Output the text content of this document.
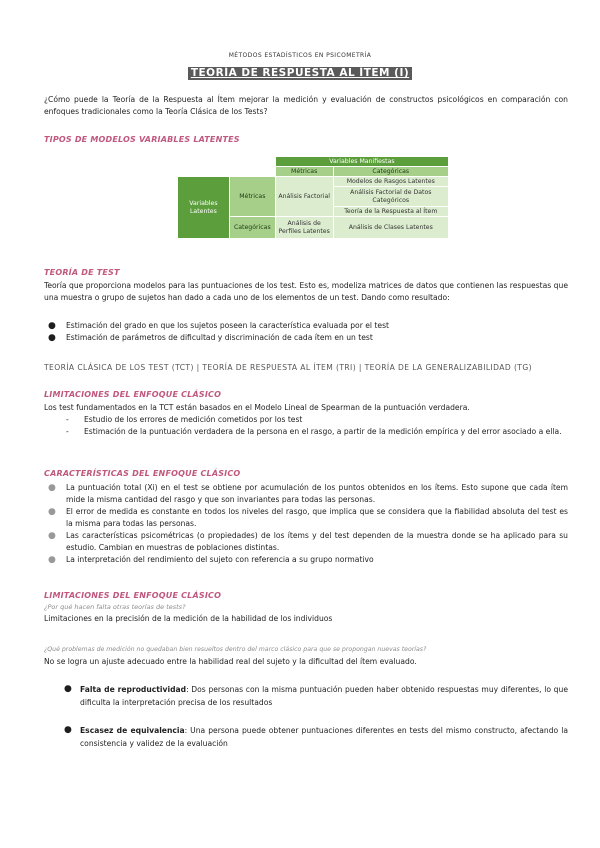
MÉTODOS ESTADÍSTICOS EN PSICOMETRÍA
TEORÍA DE RESPUESTA AL ÍTEM (I)
¿Cómo puede la Teoría de la Respuesta al Ítem mejorar la medición y evaluación de constructos psicológicos en comparación con enfoques tradicionales como la Teoría Clásica de los Tests?
TIPOS DE MODELOS VARIABLES LATENTES
		Variables Manifiestas	
		Métricas	Categóricas
Variables Latentes	Métricas	Análisis Factorial	Modelos de Rasgos Latentes
			Análisis Factorial de Datos Categóricos
			Teoría de la Respuesta al Ítem
	Categóricas	Análisis de Perfiles Latentes	Análisis de Clases Latentes

TEORÍA DE TEST
Teoría que proporciona modelos para las puntuaciones de los test. Esto es, modeliza matrices de datos que contienen las respuestas que una muestra o grupo de sujetos han dado a cada uno de los elementos de un test. Dando como resultado:
● Estimación del grado en que los sujetos poseen la característica evaluada por el test
● Estimación de parámetros de dificultad y discriminación de cada ítem en un test
TEORÍA CLÁSICA DE LOS TEST (TCT) | TEORÍA DE RESPUESTA AL ÍTEM (TRI) | TEORÍA DE LA GENERALIZABILIDAD (TG)
LIMITACIONES DEL ENFOQUE CLÁSICO
Los test fundamentados en la TCT están basados en el Modelo Lineal de Spearman de la puntuación verdadera.
- Estudio de los errores de medición cometidos por los test
- Estimación de la puntuación verdadera de la persona en el rasgo, a partir de la medición empírica y del error asociado a ella.
CARACTERÍSTICAS DEL ENFOQUE CLÁSICO
● La puntuación total (Xi) en el test se obtiene por acumulación de los puntos obtenidos en los ítems. Esto supone que cada ítem mide la misma cantidad del rasgo y que son invariantes para todas las personas.
● El error de medida es constante en todos los niveles del rasgo, que implica que se considera que la fiabilidad absoluta del test es la misma para todas las personas.
● Las características psicométricas (o propiedades) de los ítems y del test dependen de la muestra donde se ha aplicado para su estudio. Cambian en muestras de poblaciones distintas.
● La interpretación del rendimiento del sujeto con referencia a su grupo normativo
LIMITACIONES DEL ENFOQUE CLÁSICO
¿Por qué hacen falta otras teorías de tests?
Limitaciones en la precisión de la medición de la habilidad de los individuos
¿Qué problemas de medición no quedaban bien resueltos dentro del marco clásico para que se propongan nuevas teorías?
No se logra un ajuste adecuado entre la habilidad real del sujeto y la dificultad del ítem evaluado.
● Falta de reproductividad: Dos personas con la misma puntuación pueden haber obtenido respuestas muy diferentes, lo que dificulta la interpretación precisa de los resultados
● Escasez de equivalencia: Una persona puede obtener puntuaciones diferentes en tests del mismo constructo, afectando la consistencia y validez de la evaluación
